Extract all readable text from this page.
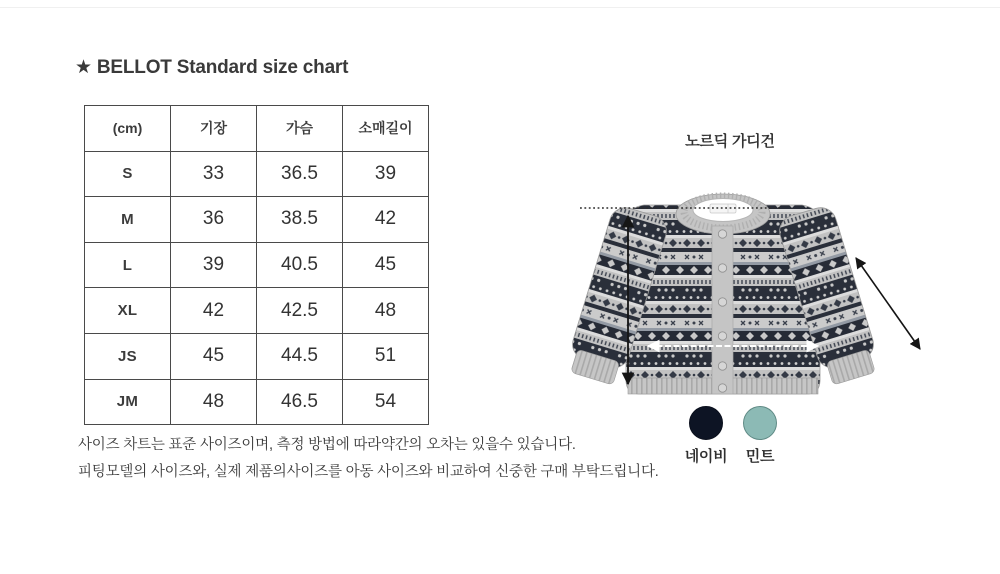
★ BELLOT Standard size chart
(cm)	기장	가슴	소매길이
S	33	36.5	39
M	36	38.5	42
L	39	40.5	45
XL	42	42.5	48
JS	45	44.5	51
JM	48	46.5	54
사이즈 차트는 표준 사이즈이며, 측정 방법에 따라약간의 오차는 있을수 있습니다.
피팅모델의 사이즈와, 실제 제품의사이즈를 아동 사이즈와 비교하여 신중한 구매 부탁드립니다.
노르딕 가디건
네이비	민트
